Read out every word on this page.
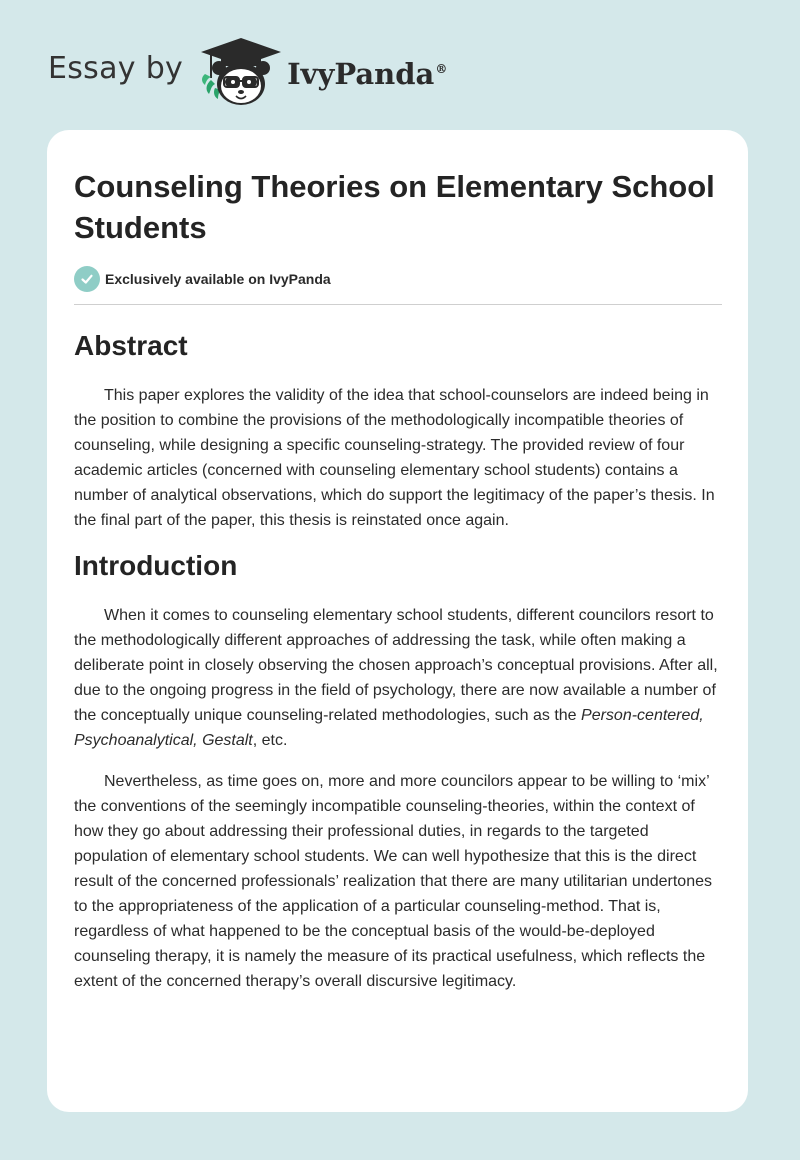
Essay by	IvyPanda®
Counseling Theories on Elementary School Students
Exclusively available on IvyPanda
Abstract

This paper explores the validity of the idea that school-counselors are indeed being in the position to combine the provisions of the methodologically incompatible theories of counseling, while designing a specific counseling-strategy. The provided review of four academic articles (concerned with counseling elementary school students) contains a number of analytical observations, which do support the legitimacy of the paper’s thesis. In the final part of the paper, this thesis is reinstated once again.

Introduction

When it comes to counseling elementary school students, different councilors resort to the methodologically different approaches of addressing the task, while often making a deliberate point in closely observing the chosen approach’s conceptual provisions. After all, due to the ongoing progress in the field of psychology, there are now available a number of the conceptually unique counseling-related methodologies, such as the Person-centered, Psychoanalytical, Gestalt, etc.

Nevertheless, as time goes on, more and more councilors appear to be willing to ‘mix’ the conventions of the seemingly incompatible counseling-theories, within the context of how they go about addressing their professional duties, in regards to the targeted population of elementary school students. We can well hypothesize that this is the direct result of the concerned professionals’ realization that there are many utilitarian undertones to the appropriateness of the application of a particular counseling-method. That is, regardless of what happened to be the conceptual basis of the would-be-deployed counseling therapy, it is namely the measure of its practical usefulness, which reflects the extent of the concerned therapy’s overall discursive legitimacy.
